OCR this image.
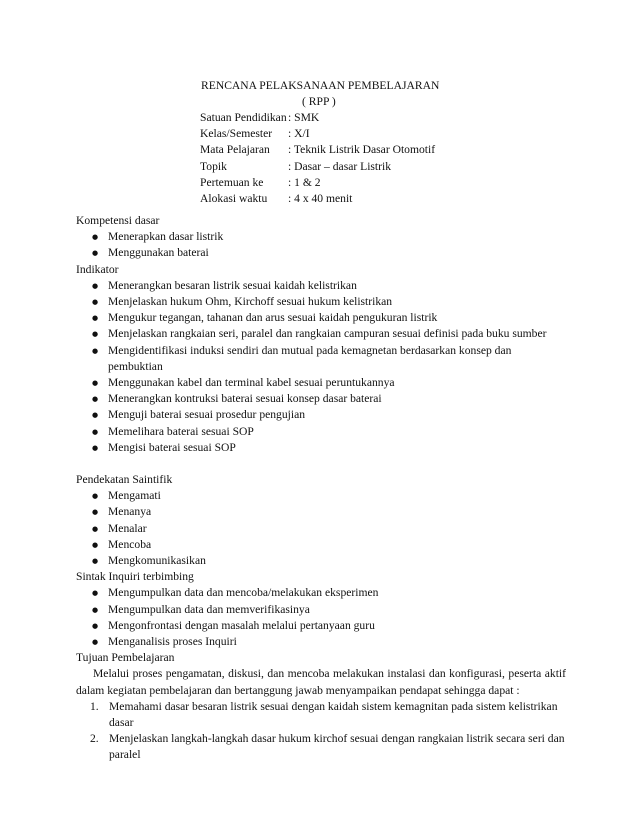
RENCANA PELAKSANAAN PEMBELAJARAN
( RPP )
Satuan Pendidikan: SMK
Kelas/Semester : X/I
Mata Pelajaran : Teknik Listrik Dasar Otomotif
Topik	: Dasar – dasar Listrik
Pertemuan ke : 1 & 2
Alokasi waktu : 4 x 40 menit
Kompetensi dasar
● Menerapkan dasar listrik
● Menggunakan baterai
Indikator
● Menerangkan besaran listrik sesuai kaidah kelistrikan
● Menjelaskan hukum Ohm, Kirchoff sesuai hukum kelistrikan
● Mengukur tegangan, tahanan dan arus sesuai kaidah pengukuran listrik
● Menjelaskan rangkaian seri, paralel dan rangkaian campuran sesuai definisi pada buku sumber
● Mengidentifikasi induksi sendiri dan mutual pada kemagnetan berdasarkan konsep dan pembuktian
● Menggunakan kabel dan terminal kabel sesuai peruntukannya
● Menerangkan kontruksi baterai sesuai konsep dasar baterai
● Menguji baterai sesuai prosedur pengujian
● Memelihara baterai sesuai SOP
● Mengisi baterai sesuai SOP
Pendekatan Saintifik
● Mengamati
● Menanya
● Menalar
● Mencoba
● Mengkomunikasikan
Sintak Inquiri terbimbing
● Mengumpulkan data dan mencoba/melakukan eksperimen
● Mengumpulkan data dan memverifikasinya
● Mengonfrontasi dengan masalah melalui pertanyaan guru
● Menganalisis proses Inquiri
Tujuan Pembelajaran
Melalui proses pengamatan, diskusi, dan mencoba melakukan instalasi dan konfigurasi, peserta aktif dalam kegiatan pembelajaran dan bertanggung jawab menyampaikan pendapat sehingga dapat :
1. Memahami dasar besaran listrik sesuai dengan kaidah sistem kemagnitan pada sistem kelistrikan dasar
2. Menjelaskan langkah-langkah dasar hukum kirchof sesuai dengan rangkaian listrik secara seri dan paralel
